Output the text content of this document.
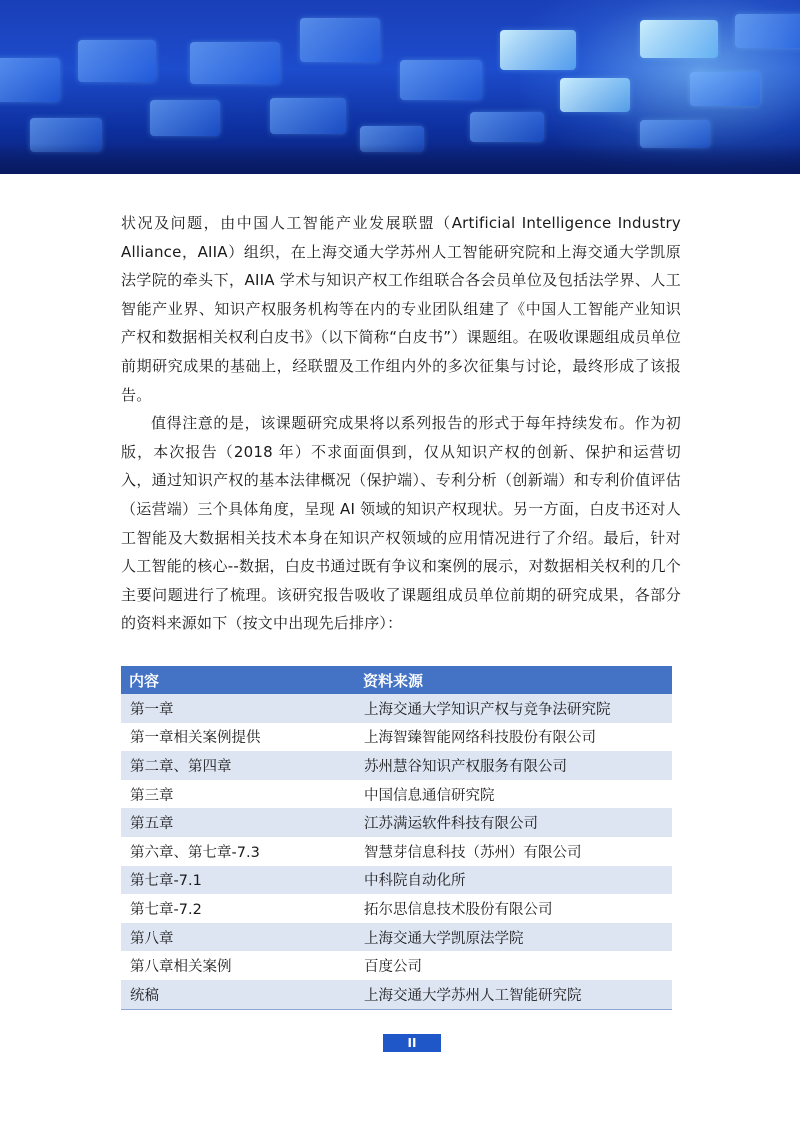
状况及问题，由中国人工智能产业发展联盟（Artificial Intelligence Industry Alliance，AIIA）组织，在上海交通大学苏州人工智能研究院和上海交通大学凯原法学院的牵头下，AIIA 学术与知识产权工作组联合各会员单位及包括法学界、人工智能产业界、知识产权服务机构等在内的专业团队组建了《中国人工智能产业知识产权和数据相关权利白皮书》（以下简称“白皮书”）课题组。在吸收课题组成员单位前期研究成果的基础上，经联盟及工作组内外的多次征集与讨论，最终形成了该报告。

值得注意的是，该课题研究成果将以系列报告的形式于每年持续发布。作为初版，本次报告（2018 年）不求面面俱到，仅从知识产权的创新、保护和运营切入，通过知识产权的基本法律概况（保护端）、专利分析（创新端）和专利价值评估（运营端）三个具体角度，呈现 AI 领域的知识产权现状。另一方面，白皮书还对人工智能及大数据相关技术本身在知识产权领域的应用情况进行了介绍。最后，针对人工智能的核心--数据，白皮书通过既有争议和案例的展示，对数据相关权利的几个主要问题进行了梳理。该研究报告吸收了课题组成员单位前期的研究成果，各部分的资料来源如下（按文中出现先后排序）：

内容	资料来源
第一章	上海交通大学知识产权与竞争法研究院
第一章相关案例提供	上海智臻智能网络科技股份有限公司
第二章、第四章	苏州慧谷知识产权服务有限公司
第三章	中国信息通信研究院
第五章	江苏满运软件科技有限公司
第六章、第七章-7.3	智慧芽信息科技（苏州）有限公司
第七章-7.1	中科院自动化所
第七章-7.2	拓尔思信息技术股份有限公司
第八章	上海交通大学凯原法学院
第八章相关案例	百度公司
统稿	上海交通大学苏州人工智能研究院
II
